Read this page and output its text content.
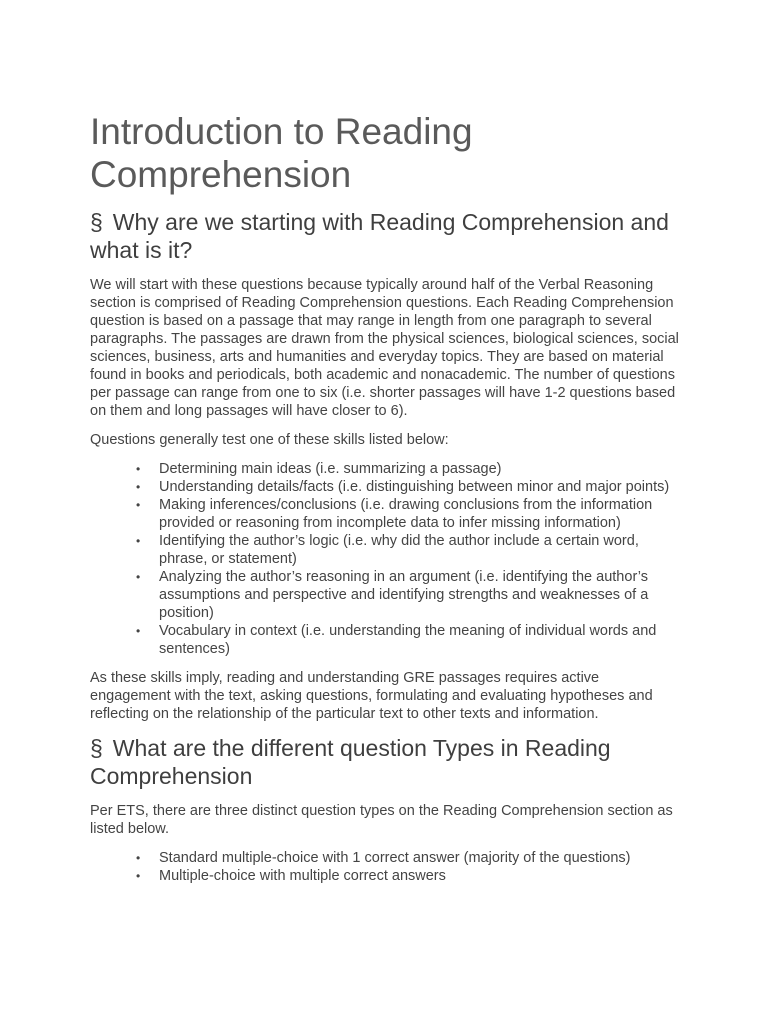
Introduction to Reading Comprehension
§ Why are we starting with Reading Comprehension and what is it?

We will start with these questions because typically around half of the Verbal Reasoning section is comprised of Reading Comprehension questions. Each Reading Comprehension question is based on a passage that may range in length from one paragraph to several paragraphs. The passages are drawn from the physical sciences, biological sciences, social sciences, business, arts and humanities and everyday topics. They are based on material found in books and periodicals, both academic and nonacademic. The number of questions per passage can range from one to six (i.e. shorter passages will have 1-2 questions based on them and long passages will have closer to 6).

Questions generally test one of these skills listed below:

• Determining main ideas (i.e. summarizing a passage)
• Understanding details/facts (i.e. distinguishing between minor and major points)
• Making inferences/conclusions (i.e. drawing conclusions from the information provided or reasoning from incomplete data to infer missing information)
• Identifying the author’s logic (i.e. why did the author include a certain word, phrase, or statement)
• Analyzing the author’s reasoning in an argument (i.e. identifying the author’s assumptions and perspective and identifying strengths and weaknesses of a position)
• Vocabulary in context (i.e. understanding the meaning of individual words and sentences)

As these skills imply, reading and understanding GRE passages requires active engagement with the text, asking questions, formulating and evaluating hypotheses and reflecting on the relationship of the particular text to other texts and information.

§ What are the different question Types in Reading Comprehension

Per ETS, there are three distinct question types on the Reading Comprehension section as listed below.

• Standard multiple-choice with 1 correct answer (majority of the questions)
• Multiple-choice with multiple correct answers
